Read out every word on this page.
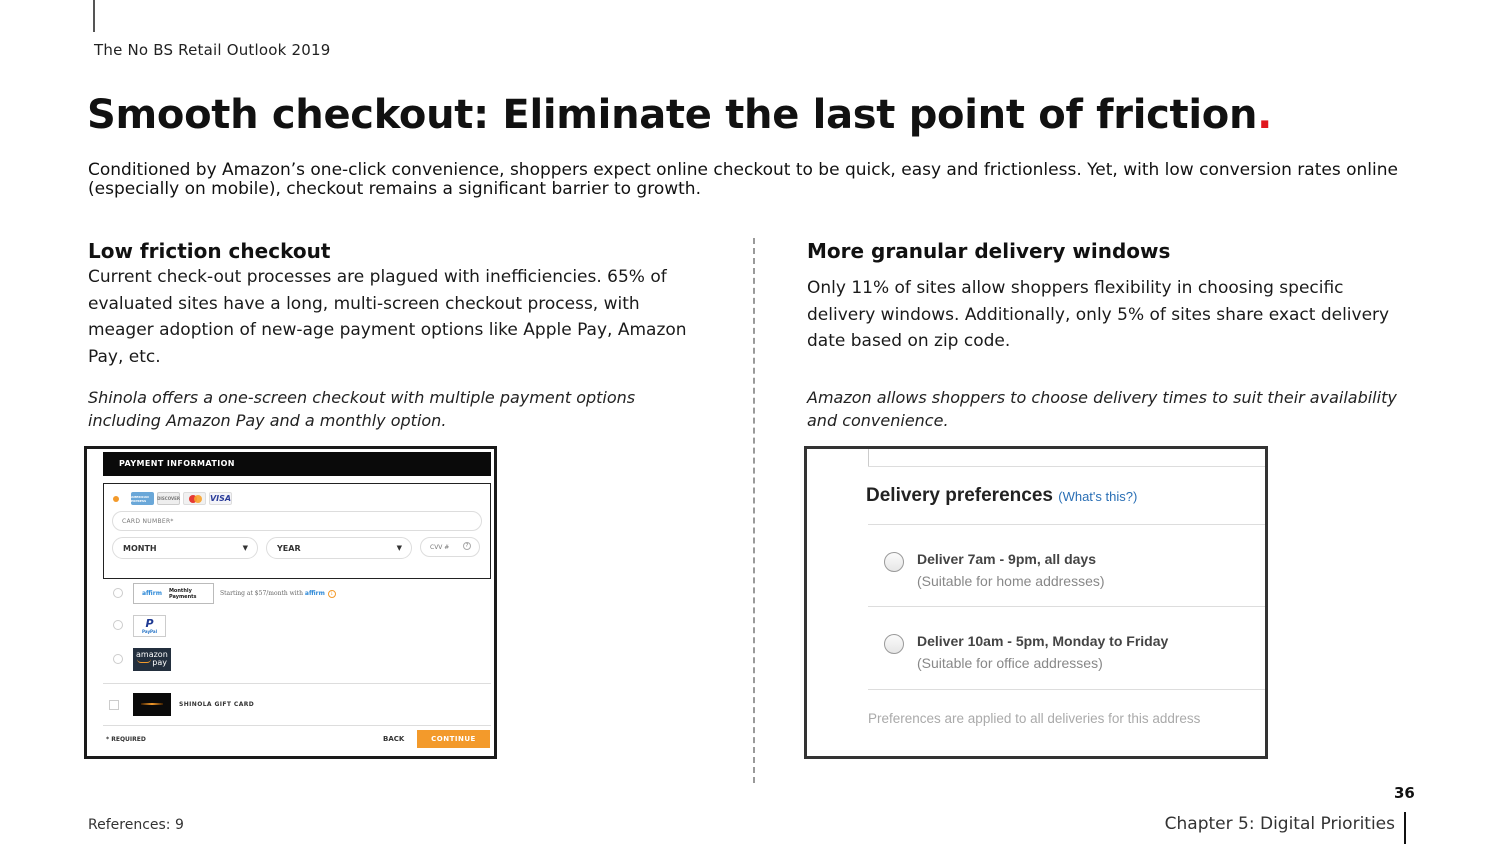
The No BS Retail Outlook 2019
Smooth checkout: Eliminate the last point of friction.

Conditioned by Amazon’s one-click convenience, shoppers expect online checkout to be quick, easy and frictionless. Yet, with low conversion rates online (especially on mobile), checkout remains a significant barrier to growth.

Low friction checkout

Current check-out processes are plagued with inefficiencies. 65% of evaluated sites have a long, multi-screen checkout process, with meager adoption of new-age payment options like Apple Pay, Amazon Pay, etc.

Shinola offers a one-screen checkout with multiple payment options including Amazon Pay and a monthly option.

More granular delivery windows

Only 11% of sites allow shoppers flexibility in choosing specific delivery windows. Additionally, only 5% of sites share exact delivery date based on zip code.

Amazon allows shoppers to choose delivery times to suit their availability and convenience.

PAYMENT INFORMATION
AMERICAN EXPRESS	DISCOVER	VISA
CARD NUMBER*
MONTH	▼	YEAR	▼	CVV #	?
affirm Monthly Payments	Starting at $57/month with affirm i
P
PayPal
amazon
pay
SHINOLA GIFT CARD
* REQUIRED	BACK	CONTINUE
Delivery preferences (What's this?)
Deliver 7am - 9pm, all days
(Suitable for home addresses)
Deliver 10am - 5pm, Monday to Friday
(Suitable for office addresses)
Preferences are applied to all deliveries for this address
36
References: 9	Chapter 5: Digital Priorities
